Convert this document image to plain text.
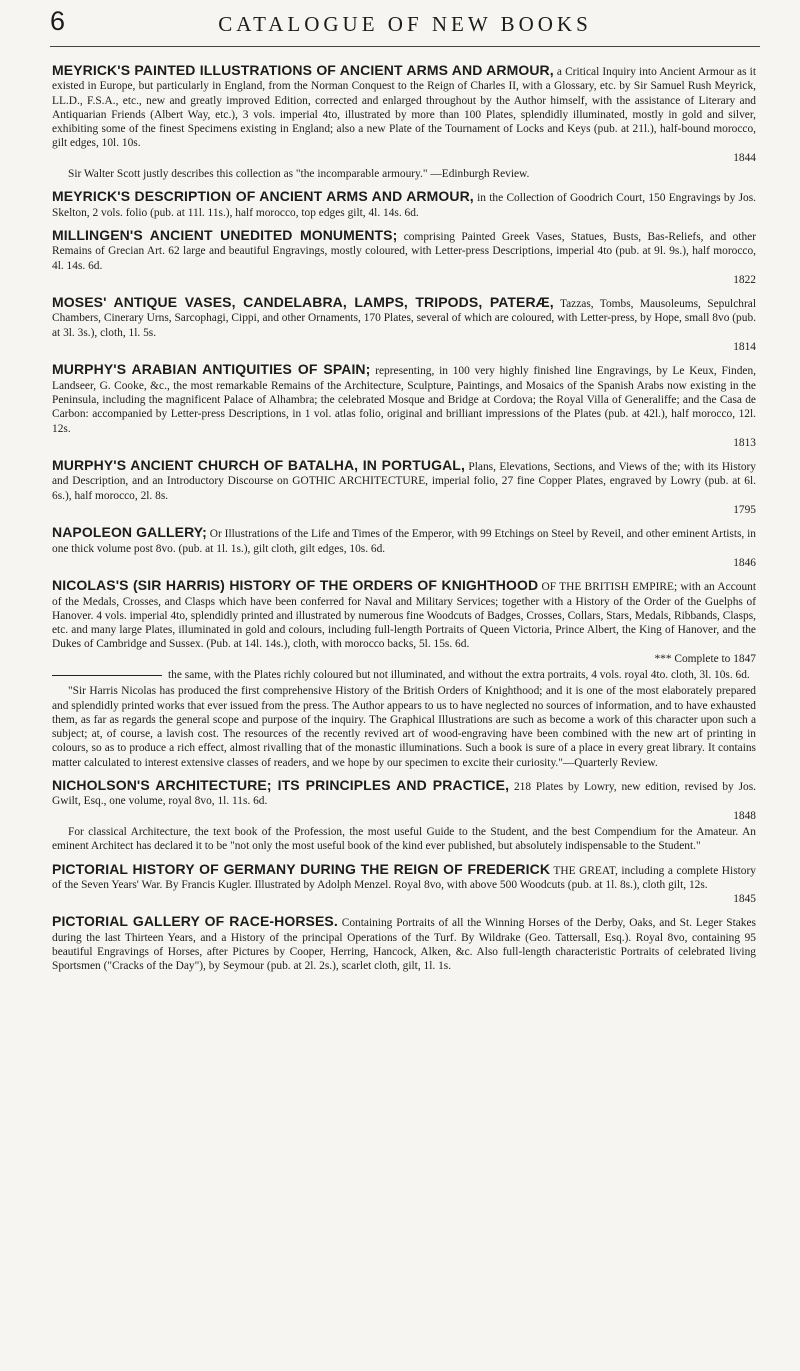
6	CATALOGUE OF NEW BOOKS
MEYRICK'S PAINTED ILLUSTRATIONS OF ANCIENT ARMS AND ARMOUR, a Critical Inquiry into Ancient Armour as it existed in Europe, but particularly in England, from the Norman Conquest to the Reign of Charles II, with a Glossary, etc. by Sir Samuel Rush Meyrick, LL.D., F.S.A., etc., new and greatly improved Edition, corrected and enlarged throughout by the Author himself, with the assistance of Literary and Antiquarian Friends (Albert Way, etc.), 3 vols. imperial 4to, illustrated by more than 100 Plates, splendidly illuminated, mostly in gold and silver, exhibiting some of the finest Specimens existing in England; also a new Plate of the Tournament of Locks and Keys (pub. at 21l.), half-bound morocco, gilt edges, 10l. 10s.
1844
Sir Walter Scott justly describes this collection as "the incomparable armoury." —Edinburgh Review.
MEYRICK'S DESCRIPTION OF ANCIENT ARMS AND ARMOUR, in the Collection of Goodrich Court, 150 Engravings by Jos. Skelton, 2 vols. folio (pub. at 11l. 11s.), half morocco, top edges gilt, 4l. 14s. 6d.
MILLINGEN'S ANCIENT UNEDITED MONUMENTS; comprising Painted Greek Vases, Statues, Busts, Bas-Reliefs, and other Remains of Grecian Art. 62 large and beautiful Engravings, mostly coloured, with Letter-press Descriptions, imperial 4to (pub. at 9l. 9s.), half morocco, 4l. 14s. 6d.
1822
MOSES' ANTIQUE VASES, CANDELABRA, LAMPS, TRIPODS, PATERÆ, Tazzas, Tombs, Mausoleums, Sepulchral Chambers, Cinerary Urns, Sarcophagi, Cippi, and other Ornaments, 170 Plates, several of which are coloured, with Letter-press, by Hope, small 8vo (pub. at 3l. 3s.), cloth, 1l. 5s.
1814
MURPHY'S ARABIAN ANTIQUITIES OF SPAIN; representing, in 100 very highly finished line Engravings, by Le Keux, Finden, Landseer, G. Cooke, &c., the most remarkable Remains of the Architecture, Sculpture, Paintings, and Mosaics of the Spanish Arabs now existing in the Peninsula, including the magnificent Palace of Alhambra; the celebrated Mosque and Bridge at Cordova; the Royal Villa of Generaliffe; and the Casa de Carbon: accompanied by Letter-press Descriptions, in 1 vol. atlas folio, original and brilliant impressions of the Plates (pub. at 42l.), half morocco, 12l. 12s.
1813
MURPHY'S ANCIENT CHURCH OF BATALHA, IN PORTUGAL, Plans, Elevations, Sections, and Views of the; with its History and Description, and an Introductory Discourse on GOTHIC ARCHITECTURE, imperial folio, 27 fine Copper Plates, engraved by Lowry (pub. at 6l. 6s.), half morocco, 2l. 8s.
1795
NAPOLEON GALLERY; Or Illustrations of the Life and Times of the Emperor, with 99 Etchings on Steel by Reveil, and other eminent Artists, in one thick volume post 8vo. (pub. at 1l. 1s.), gilt cloth, gilt edges, 10s. 6d.
1846
NICOLAS'S (SIR HARRIS) HISTORY OF THE ORDERS OF KNIGHTHOOD OF THE BRITISH EMPIRE; with an Account of the Medals, Crosses, and Clasps which have been conferred for Naval and Military Services; together with a History of the Order of the Guelphs of Hanover. 4 vols. imperial 4to, splendidly printed and illustrated by numerous fine Woodcuts of Badges, Crosses, Collars, Stars, Medals, Ribbands, Clasps, etc. and many large Plates, illuminated in gold and colours, including full-length Portraits of Queen Victoria, Prince Albert, the King of Hanover, and the Dukes of Cambridge and Sussex. (Pub. at 14l. 14s.), cloth, with morocco backs, 5l. 15s. 6d.
*** Complete to 1847
the same, with the Plates richly coloured but not illuminated, and without the extra portraits, 4 vols. royal 4to. cloth, 3l. 10s. 6d.
"Sir Harris Nicolas has produced the first comprehensive History of the British Orders of Knighthood; and it is one of the most elaborately prepared and splendidly printed works that ever issued from the press. The Author appears to us to have neglected no sources of information, and to have exhausted them, as far as regards the general scope and purpose of the inquiry. The Graphical Illustrations are such as become a work of this character upon such a subject; at, of course, a lavish cost. The resources of the recently revived art of wood-engraving have been combined with the new art of printing in colours, so as to produce a rich effect, almost rivalling that of the monastic illuminations. Such a book is sure of a place in every great library. It contains matter calculated to interest extensive classes of readers, and we hope by our specimen to excite their curiosity."—Quarterly Review.
NICHOLSON'S ARCHITECTURE; ITS PRINCIPLES AND PRACTICE, 218 Plates by Lowry, new edition, revised by Jos. Gwilt, Esq., one volume, royal 8vo, 1l. 11s. 6d.
1848
For classical Architecture, the text book of the Profession, the most useful Guide to the Student, and the best Compendium for the Amateur. An eminent Architect has declared it to be "not only the most useful book of the kind ever published, but absolutely indispensable to the Student."
PICTORIAL HISTORY OF GERMANY DURING THE REIGN OF FREDERICK THE GREAT, including a complete History of the Seven Years' War. By Francis Kugler. Illustrated by Adolph Menzel. Royal 8vo, with above 500 Woodcuts (pub. at 1l. 8s.), cloth gilt, 12s.
1845
PICTORIAL GALLERY OF RACE-HORSES. Containing Portraits of all the Winning Horses of the Derby, Oaks, and St. Leger Stakes during the last Thirteen Years, and a History of the principal Operations of the Turf. By Wildrake (Geo. Tattersall, Esq.). Royal 8vo, containing 95 beautiful Engravings of Horses, after Pictures by Cooper, Herring, Hancock, Alken, &c. Also full-length characteristic Portraits of celebrated living Sportsmen ("Cracks of the Day"), by Seymour (pub. at 2l. 2s.), scarlet cloth, gilt, 1l. 1s.
